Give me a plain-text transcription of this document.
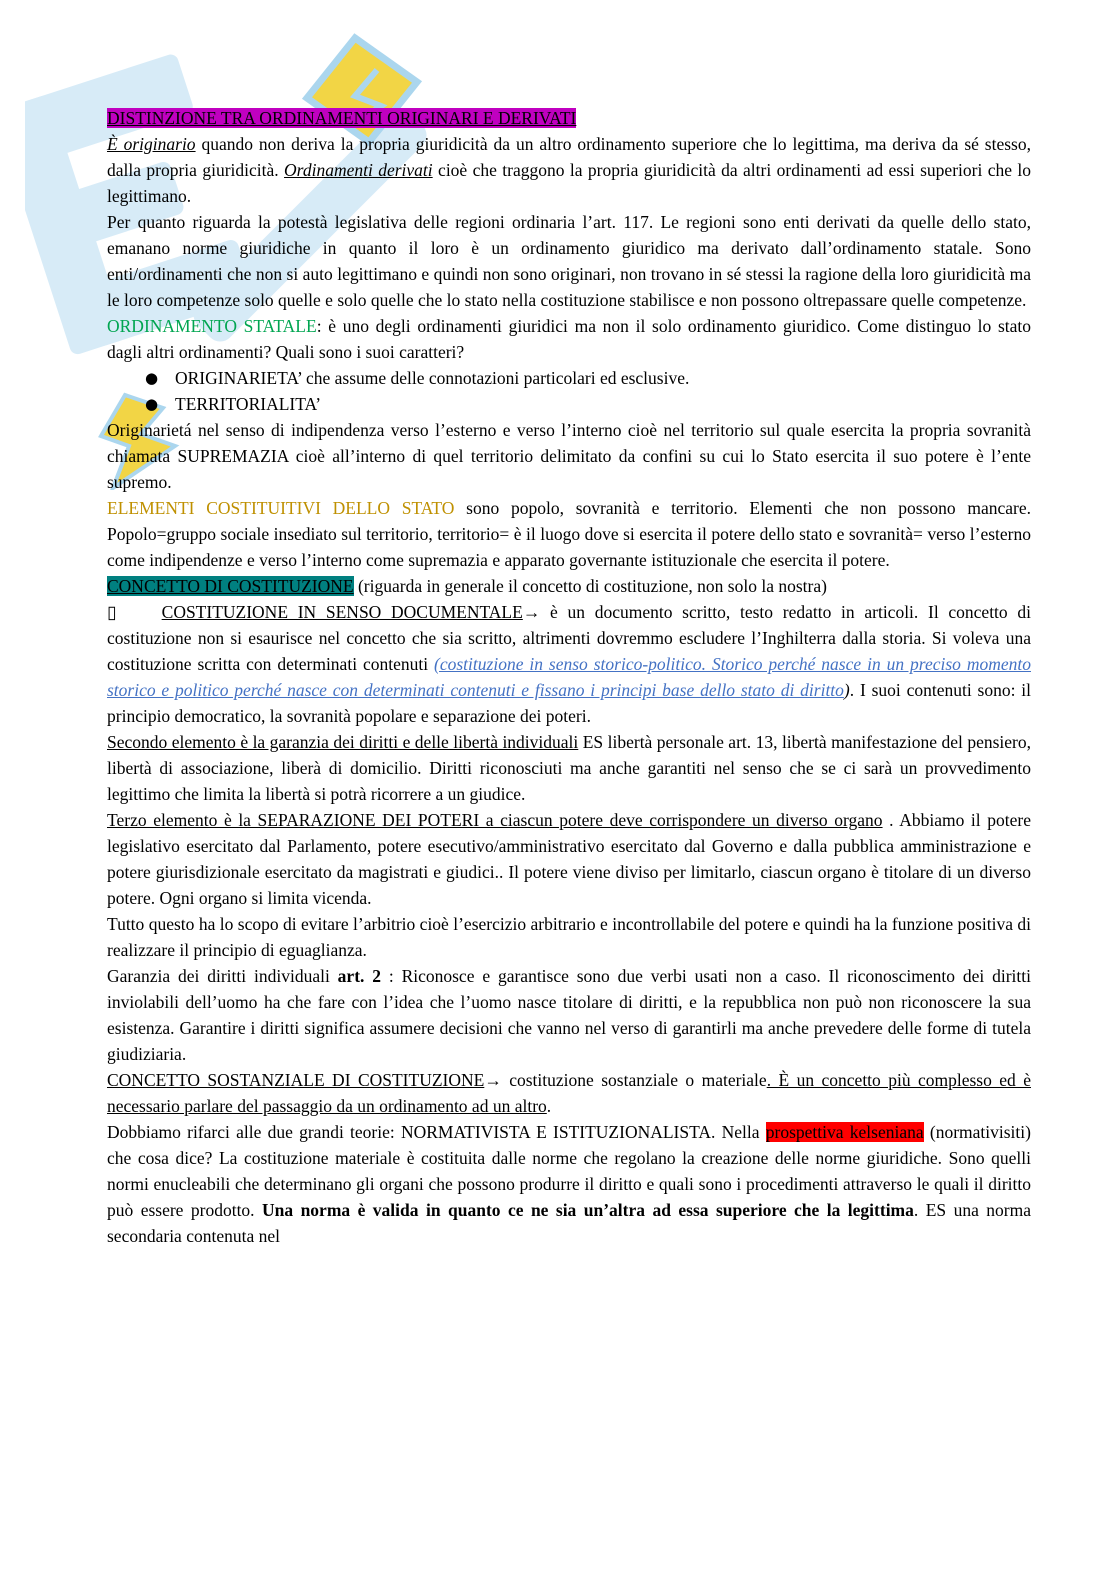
DISTINZIONE TRA ORDINAMENTI ORIGINARI E DERIVATI

È originario quando non deriva la propria giuridicità da un altro ordinamento superiore che lo legittima, ma deriva da sé stesso, dalla propria giuridicità. Ordinamenti derivati cioè che traggono la propria giuridicità da altri ordinamenti ad essi superiori che lo legittimano.

Per quanto riguarda la potestà legislativa delle regioni ordinaria l’art. 117. Le regioni sono enti derivati da quelle dello stato, emanano norme giuridiche in quanto il loro è un ordinamento giuridico ma derivato dall’ordinamento statale. Sono enti/ordinamenti che non si auto legittimano e quindi non sono originari, non trovano in sé stessi la ragione della loro giuridicità ma le loro competenze solo quelle e solo quelle che lo stato nella costituzione stabilisce e non possono oltrepassare quelle competenze.

ORDINAMENTO STATALE: è uno degli ordinamenti giuridici ma non il solo ordinamento giuridico. Come distinguo lo stato dagli altri ordinamenti? Quali sono i suoi caratteri?

● ORIGINARIETA’ che assume delle connotazioni particolari ed esclusive.
● TERRITORIALITA’

Originarietá nel senso di indipendenza verso l’esterno e verso l’interno cioè nel territorio sul quale esercita la propria sovranità chiamata SUPREMAZIA cioè all’interno di quel territorio delimitato da confini su cui lo Stato esercita il suo potere è l’ente supremo.

ELEMENTI COSTITUITIVI DELLO STATO sono popolo, sovranità e territorio. Elementi che non possono mancare. Popolo=gruppo sociale insediato sul territorio, territorio= è il luogo dove si esercita il potere dello stato e sovranità= verso l’esterno come indipendenze e verso l’interno come supremazia e apparato governante istituzionale che esercita il potere.

CONCETTO DI COSTITUZIONE (riguarda in generale il concetto di costituzione, non solo la nostra)

▯	COSTITUZIONE IN SENSO DOCUMENTALE→ è un documento scritto, testo redatto in articoli. Il concetto di costituzione non si esaurisce nel concetto che sia scritto, altrimenti dovremmo escludere l’Inghilterra dalla storia. Si voleva una costituzione scritta con determinati contenuti (costituzione in senso storico-politico. Storico perché nasce in un preciso momento storico e politico perché nasce con determinati contenuti e fissano i principi base dello stato di diritto). I suoi contenuti sono: il principio democratico, la sovranità popolare e separazione dei poteri.

Secondo elemento è la garanzia dei diritti e delle libertà individuali ES libertà personale art. 13, libertà manifestazione del pensiero, libertà di associazione, liberà di domicilio. Diritti riconosciuti ma anche garantiti nel senso che se ci sarà un provvedimento legittimo che limita la libertà si potrà ricorrere a un giudice.

Terzo elemento è la SEPARAZIONE DEI POTERI a ciascun potere deve corrispondere un diverso organo . Abbiamo il potere legislativo esercitato dal Parlamento, potere esecutivo/amministrativo esercitato dal Governo e dalla pubblica amministrazione e potere giurisdizionale esercitato da magistrati e giudici.. Il potere viene diviso per limitarlo, ciascun organo è titolare di un diverso potere. Ogni organo si limita vicenda.

Tutto questo ha lo scopo di evitare l’arbitrio cioè l’esercizio arbitrario e incontrollabile del potere e quindi ha la funzione positiva di realizzare il principio di eguaglianza.

Garanzia dei diritti individuali art. 2 : Riconosce e garantisce sono due verbi usati non a caso. Il riconoscimento dei diritti inviolabili dell’uomo ha che fare con l’idea che l’uomo nasce titolare di diritti, e la repubblica non può non riconoscere la sua esistenza. Garantire i diritti significa assumere decisioni che vanno nel verso di garantirli ma anche prevedere delle forme di tutela giudiziaria.

CONCETTO SOSTANZIALE DI COSTITUZIONE→ costituzione sostanziale o materiale. È un concetto più complesso ed è necessario parlare del passaggio da un ordinamento ad un altro.

Dobbiamo rifarci alle due grandi teorie: NORMATIVISTA E ISTITUZIONALISTA. Nella prospettiva kelseniana (normativisiti) che cosa dice? La costituzione materiale è costituita dalle norme che regolano la creazione delle norme giuridiche. Sono quelli normi enucleabili che determinano gli organi che possono produrre il diritto e quali sono i procedimenti attraverso le quali il diritto può essere prodotto. Una norma è valida in quanto ce ne sia un’altra ad essa superiore che la legittima. ES una norma secondaria contenuta nel
